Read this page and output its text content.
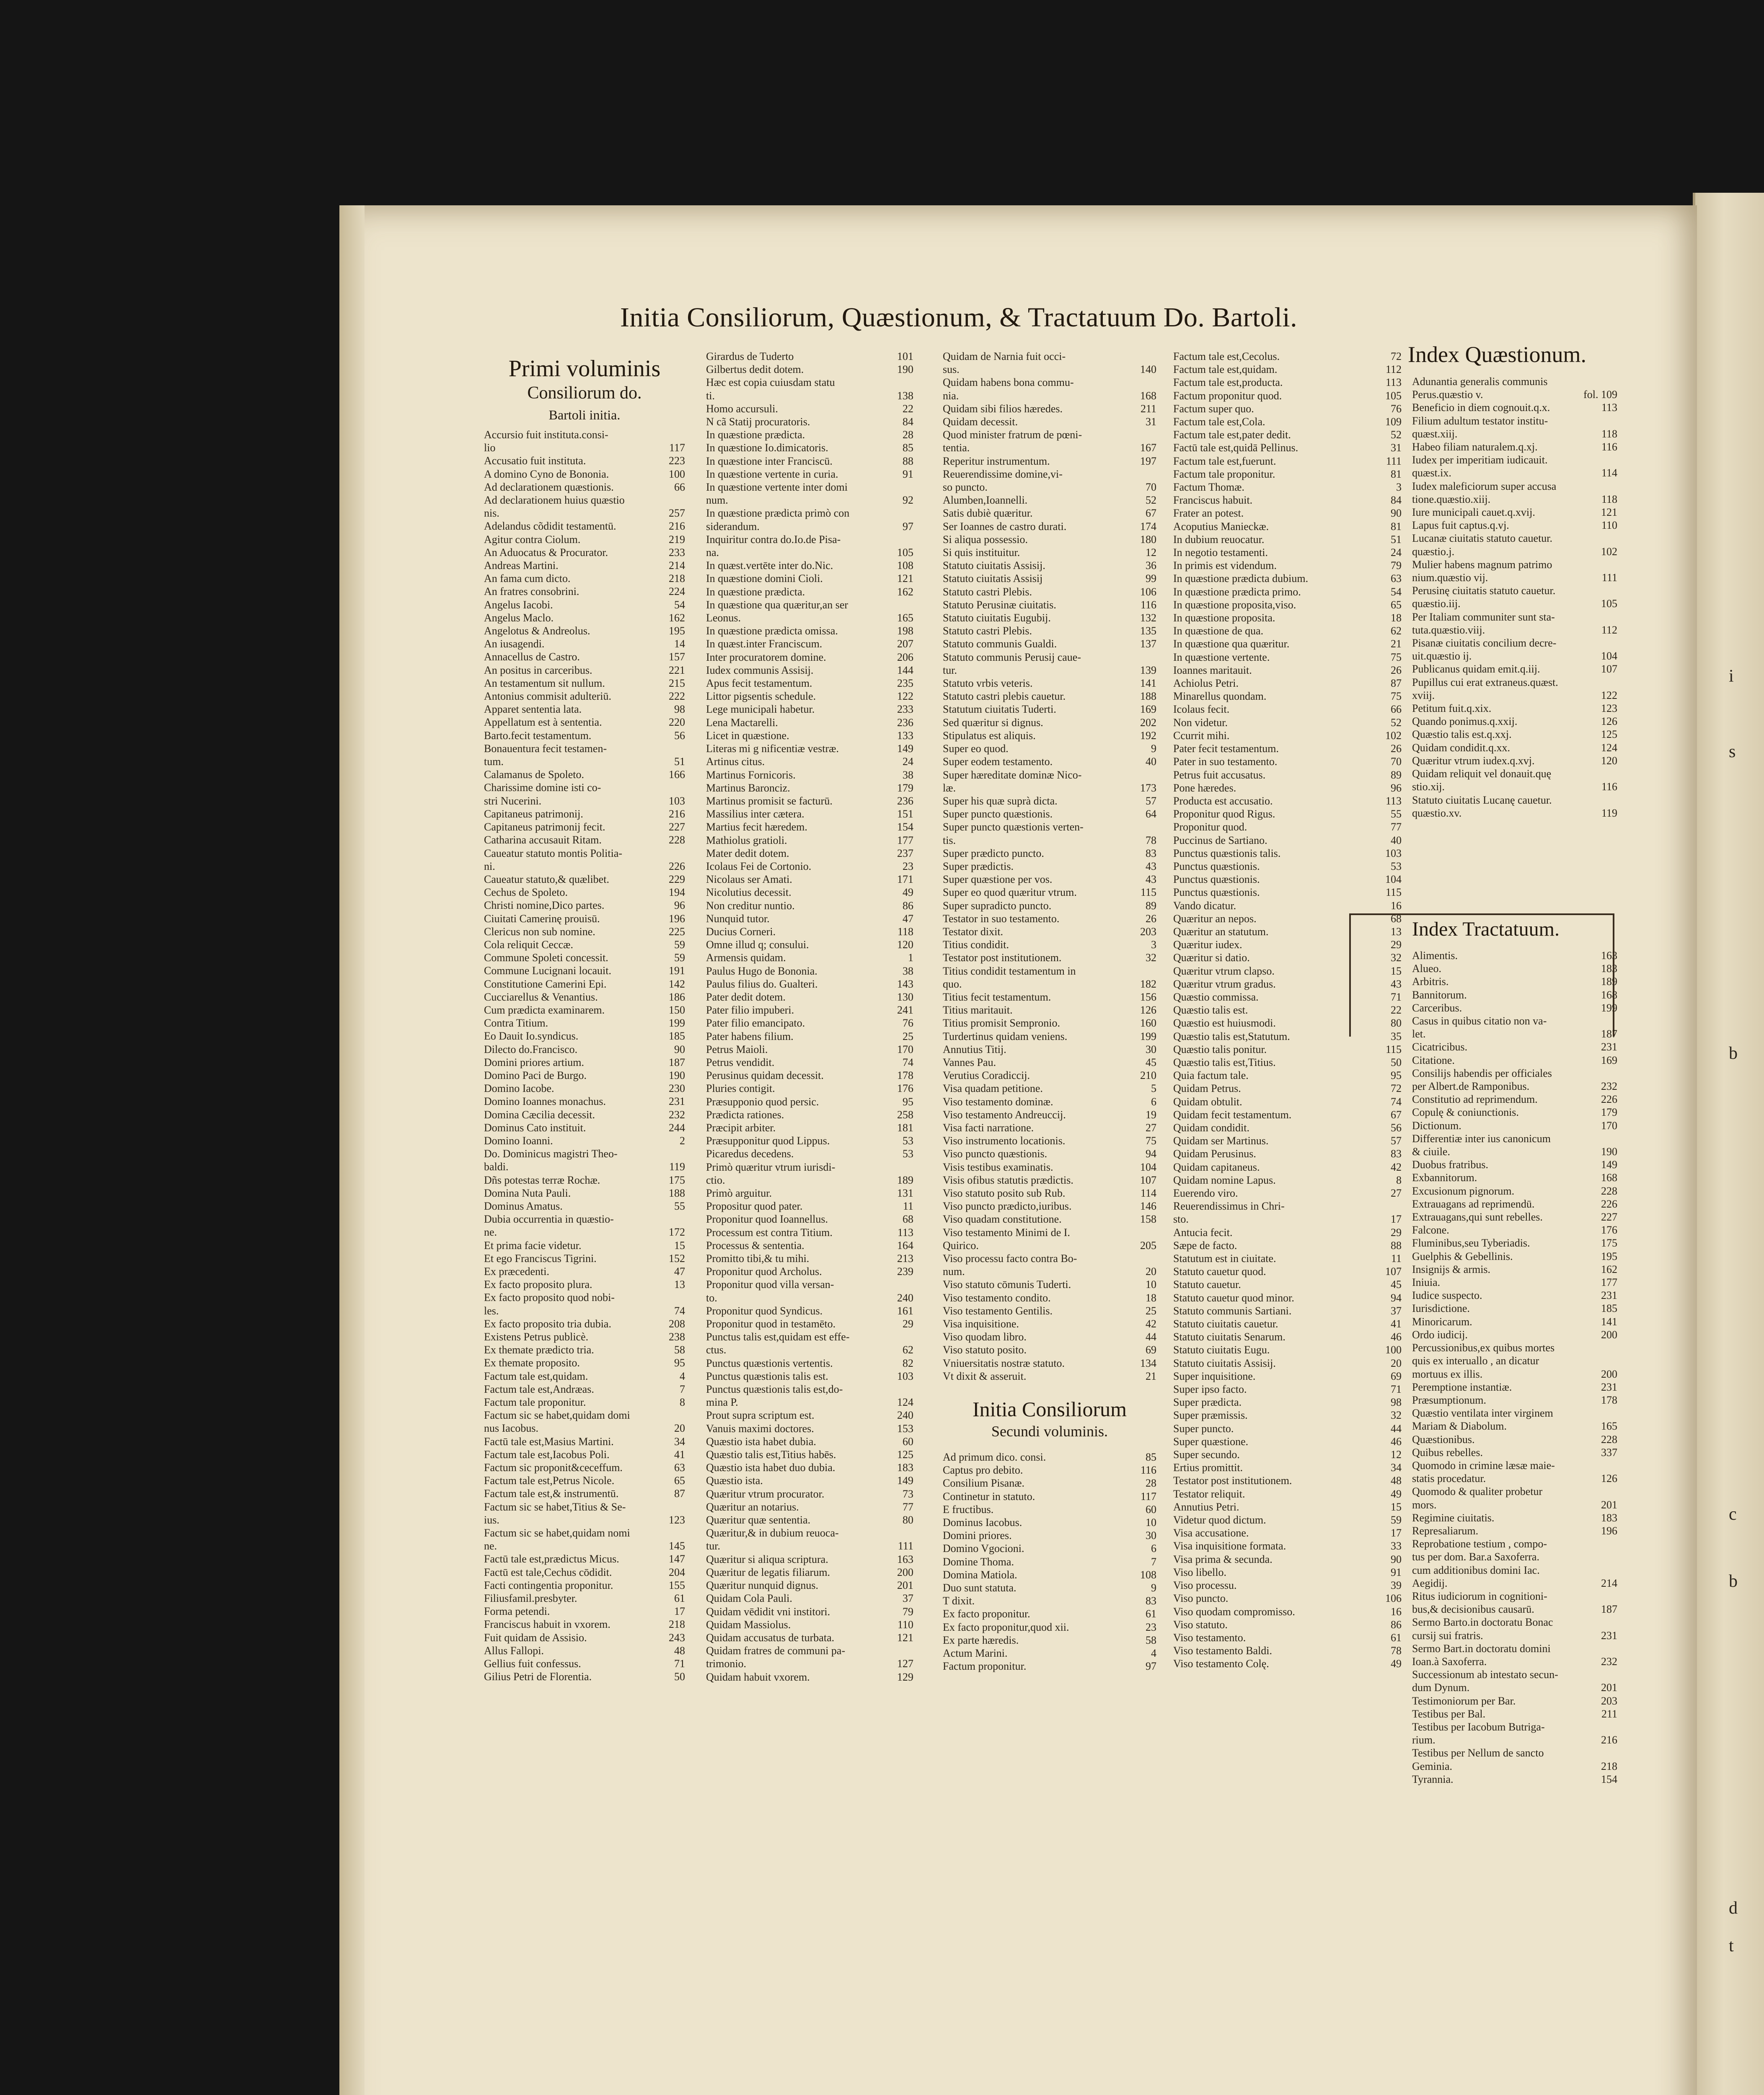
i
s
b
c
b
d
t
Initia Consiliorum, Quæstionum, & Tractatuum Do. Bartoli.
Primi voluminis
Consiliorum do.
Bartoli initia.
Accursio fuit instituta.consi-
lio	117
Accusatio fuit instituta.	223
A domino Cyno de Bononia.	100
Ad declarationem quæstionis.	66
Ad declarationem huius quæstio
nis.	257
Adelandus cõdidit testamentū.	216
Agitur contra Ciolum.	219
An Aduocatus & Procurator.	233
Andreas Martini.	214
An fama cum dicto.	218
An fratres consobrini.	224
Angelus Iacobi.	54
Angelus Maclo.	162
Angelotus & Andreolus.	195
An iusagendi.	14
Annacellus de Castro.	157
An positus in carceribus.	221
An testamentum sit nullum.	215
Antonius commisit adulteriū.	222
Apparet sententia lata.	98
Appellatum est à sententia.	220
Barto.fecit testamentum.	56
Bonauentura fecit testamen-
tum.	51
Calamanus de Spoleto.	166
Charissime domine isti co-
stri Nucerini.	103
Capitaneus patrimonij.	216
Capitaneus patrimonij fecit.	227
Catharina accusauit Ritam.	228
Caueatur statuto montis Politia-
ni.	226
Caueatur statuto,& quælibet.	229
Cechus de Spoleto.	194
Christi nomine,Dico partes.	96
Ciuitati Camerinę prouisū.	196
Clericus non sub nomine.	225
Cola reliquit Ceccæ.	59
Commune Spoleti concessit.	59
Commune Lucignani locauit.	191
Constitutione Camerini Epi.	142
Cucciarellus & Venantius.	186
Cum prædicta examinarem.	150
Contra Titium.	199
Eo Dauit Io.syndicus.	185
Dilecto do.Francisco.	90
Domini priores artium.	187
Domino Paci de Burgo.	190
Domino Iacobe.	230
Domino Ioannes monachus.	231
Domina Cæcilia decessit.	232
Dominus Cato instituit.	244
Domino Ioanni.	2
Do. Dominicus magistri Theo-
baldi.	119
Dñs potestas terræ Rochæ.	175
Domina Nuta Pauli.	188
Dominus Amatus.	55
Dubia occurrentia in quæstio-
ne.	172
Et prima facie videtur.	15
Et ego Franciscus Tigrini.	152
Ex præcedenti.	47
Ex facto proposito plura.	13
Ex facto proposito quod nobi-
les.	74
Ex facto proposito tria dubia.	208
Existens Petrus publicè.	238
Ex themate prædicto tria.	58
Ex themate proposito.	95
Factum tale est,quidam.	4
Factum tale est,Andræas.	7
Factum tale proponitur.	8
Factum sic se habet,quidam domi
nus Iacobus.	20
Factū tale est,Masius Martini.	34
Factum tale est,Iacobus Poli.	41
Factum sic proponit&ceceffum.	63
Factum tale est,Petrus Nicole.	65
Factum tale est,& instrumentū.	87
Factum sic se habet,Titius & Se-
ius.	123
Factum sic se habet,quidam nomi
ne.	145
Factū tale est,prædictus Micus.	147
Factū est tale,Cechus cōdidit.	204
Facti contingentia proponitur.	155
Filiusfamil.presbyter.	61
Forma petendi.	17
Franciscus habuit in vxorem.	218
Fuit quidam de Assisio.	243
Allus Fallopi.	48
Gellius fuit confessus.	71
Gilius Petri de Florentia.	50
Girardus de Tuderto	101
Gilbertus dedit dotem.	190
Hæc est copia cuiusdam statu
ti.	138
Homo accursuli.	22
N cã Statij procuratoris.	84
In quæstione prædicta.	28
In quæstione Io.dimicatoris.	85
In quæstione inter Franciscū.	88
In quæstione vertente in curia.	91
In quæstione vertente inter domi
num.	92
In quæstione prædicta primò con
siderandum.	97
Inquiritur contra do.Io.de Pisa-
na.	105
In quæst.vertēte inter do.Nic.	108
In quæstione domini Cioli.	121
In quæstione prædicta.	162
In quæstione qua quæritur,an ser
Leonus.	165
In quæstione prædicta omissa.	198
In quæst.inter Franciscum.	207
Inter procuratorem domine.	206
Iudex communis Assisij.	144
Apus fecit testamentum.	235
Littor pigsentis schedule.	122
Lege municipali habetur.	233
Lena Mactarelli.	236
Licet in quæstione.	133
Literas mi g nificentiæ vestræ.	149
Artinus citus.	24
Martinus Fornicoris.	38
Martinus Baronciz.	179
Martinus promisit se facturū.	236
Massilius inter cætera.	151
Martius fecit hæredem.	154
Mathiolus gratioli.	177
Mater dedit dotem.	237
Icolaus Fei de Cortonio.	23
Nicolaus ser Amati.	171
Nicolutius decessit.	49
Non creditur nuntio.	86
Nunquid tutor.	47
Ducius Corneri.	118
Omne illud q; consului.	120
Armensis quidam.	1
Paulus Hugo de Bononia.	38
Paulus filius do. Gualteri.	143
Pater dedit dotem.	130
Pater filio impuberi.	241
Pater filio emancipato.	76
Pater habens filium.	25
Petrus Maioli.	170
Petrus vendidit.	74
Perusinus quidam decessit.	178
Pluries contigit.	176
Præsupponio quod persic.	95
Prædicta rationes.	258
Præcipit arbiter.	181
Præsupponitur quod Lippus.	53
Picaredus decedens.	53
Primò quæritur vtrum iurisdi-
ctio.	189
Primò arguitur.	131
Propositur quod pater.	11
Proponitur quod Ioannellus.	68
Processum est contra Titium.	113
Processus & sententia.	164
Promitto tibi,& tu mihi.	213
Proponitur quod Archolus.	239
Proponitur quod villa versan-
to.	240
Proponitur quod Syndicus.	161
Proponitur quod in testamēto.	29
Punctus talis est,quidam est effe-
ctus.	62
Punctus quæstionis vertentis.	82
Punctus quæstionis talis est.	103
Punctus quæstionis talis est,do-
mina P.	124
Prout supra scriptum est.	240
Vanuis maximi doctores.	153
Quæstio ista habet dubia.	60
Quæstio talis est,Titius habēs.	125
Quæstio ista habet duo dubia.	183
Quæstio ista.	149
Quæritur vtrum procurator.	73
Quæritur an notarius.	77
Quæritur quæ sententia.	80
Quæritur,& in dubium reuoca-
tur.	111
Quæritur si aliqua scriptura.	163
Quæritur de legatis filiarum.	200
Quæritur nunquid dignus.	201
Quidam Cola Pauli.	37
Quidam vēdidit vni institori.	79
Quidam Massiolus.	110
Quidam accusatus de turbata.	121
Quidam fratres de communi pa-
trimonio.	127
Quidam habuit vxorem.	129
Quidam de Narnia fuit occi-
sus.	140
Quidam habens bona commu-
nia.	168
Quidam sibi filios hæredes.	211
Quidam decessit.	31
Quod minister fratrum de pœni-
tentia.	167
Reperitur instrumentum.	197
Reuerendissime domine,vi-
so puncto.	70
Alumben,Ioannelli.	52
Satis dubiè quæritur.	67
Ser Ioannes de castro durati.	174
Si aliqua possessio.	180
Si quis instituitur.	12
Statuto ciuitatis Assisij.	36
Statuto ciuitatis Assisij	99
Statuto castri Plebis.	106
Statuto Perusinæ ciuitatis.	116
Statuto ciuitatis Eugubij.	132
Statuto castri Plebis.	135
Statuto communis Gualdi.	137
Statuto communis Perusij caue-
tur.	139
Statuto vrbis veteris.	141
Statuto castri plebis cauetur.	188
Statutum ciuitatis Tuderti.	169
Sed quæritur si dignus.	202
Stipulatus est aliquis.	192
Super eo quod.	9
Super eodem testamento.	40
Super hæreditate dominæ Nico-
læ.	173
Super his quæ suprà dicta.	57
Super puncto quæstionis.	64
Super puncto quæstionis verten-
tis.	78
Super prædicto puncto.	83
Super prædictis.	43
Super quæstione per vos.	43
Super eo quod quæritur vtrum.	115
Super supradicto puncto.	89
Testator in suo testamento.	26
Testator dixit.	203
Titius condidit.	3
Testator post institutionem.	32
Titius condidit testamentum in
quo.	182
Titius fecit testamentum.	156
Titius maritauit.	126
Titius promisit Sempronio.	160
Turdertinus quidam veniens.	199
Annutius Titij.	30
Vannes Pau.	45
Verutius Coradiccij.	210
Visa quadam petitione.	5
Viso testamento dominæ.	6
Viso testamento Andreuccij.	19
Visa facti narratione.	27
Viso instrumento locationis.	75
Viso puncto quæstionis.	94
Visis testibus examinatis.	104
Visis ofibus statutis prædictis.	107
Viso statuto posito sub Rub.	114
Viso puncto prædicto,iuribus.	146
Viso quadam constitutione.	158
Viso testamento Minimi de I.
Quirico.	205
Viso processu facto contra Bo-
num.	20
Viso statuto cōmunis Tuderti.	10
Viso testamento condito.	18
Viso testamento Gentilis.	25
Visa inquisitione.	42
Viso quodam libro.	44
Viso statuto posito.	69
Vniuersitatis nostræ statuto.	134
Vt dixit & asseruit.	21
Initia Consiliorum
Secundi voluminis.
Ad primum dico. consi.	85
Captus pro debito.	116
Consilium Pisanæ.	28
Continetur in statuto.	117
E fructibus.	60
Dominus Iacobus.	10
Domini priores.	30
Domino Vgocioni.	6
Domine Thoma.	7
Domina Matiola.	108
Duo sunt statuta.	9
T dixit.	83
Ex facto proponitur.	61
Ex facto proponitur,quod xii.	23
Ex parte hæredis.	58
Actum Marini.	4
Factum proponitur.	97
Factum tale est,Cecolus.	72
Factum tale est,quidam.	112
Factum tale est,producta.	113
Factum proponitur quod.	105
Factum super quo.	76
Factum tale est,Cola.	109
Factum tale est,pater dedit.	52
Factū tale est,quidā Pellinus.	31
Factum tale est,fuerunt.	111
Factum tale proponitur.	81
Factum Thomæ.	3
Franciscus habuit.	84
Frater an potest.	90
Acoputius Manieckæ.	81
In dubium reuocatur.	51
In negotio testamenti.	24
In primis est videndum.	79
In quæstione prædicta dubium.	63
In quæstione prædicta primo.	54
In quæstione proposita,viso.	65
In quæstione proposita.	18
In quæstione de qua.	62
In quæstione qua quæritur.	21
In quæstione vertente.	75
Ioannes maritauit.	26
Achiolus Petri.	87
Minarellus quondam.	75
Icolaus fecit.	66
Non videtur.	52
Ccurrit mihi.	102
Pater fecit testamentum.	26
Pater in suo testamento.	70
Petrus fuit accusatus.	89
Pone hæredes.	96
Producta est accusatio.	113
Proponitur quod Rigus.	55
Proponitur quod.	77
Puccinus de Sartiano.	40
Punctus quæstionis talis.	103
Punctus quæstionis.	53
Punctus quæstionis.	104
Punctus quæstionis.	115
Vando dicatur.	16
Quæritur an nepos.	68
Quæritur an statutum.	13
Quæritur iudex.	29
Quæritur si datio.	32
Quæritur vtrum clapso.	15
Quæritur vtrum gradus.	43
Quæstio commissa.	71
Quæstio talis est.	22
Quæstio est huiusmodi.	80
Quæstio talis est,Statutum.	35
Quæstio talis ponitur.	115
Quæstio talis est,Titius.	50
Quia factum tale.	95
Quidam Petrus.	72
Quidam obtulit.	74
Quidam fecit testamentum.	67
Quidam condidit.	56
Quidam ser Martinus.	57
Quidam Perusinus.	83
Quidam capitaneus.	42
Quidam nomine Lapus.	8
Euerendo viro.	27
Reuerendissimus in Chri-
sto.	17
Antucia fecit.	29
Sæpe de facto.	88
Statutum est in ciuitate.	11
Statuto cauetur quod.	107
Statuto cauetur.	45
Statuto cauetur quod minor.	94
Statuto communis Sartiani.	37
Statuto ciuitatis cauetur.	41
Statuto ciuitatis Senarum.	46
Statuto ciuitatis Eugu.	100
Statuto ciuitatis Assisij.	20
Super inquisitione.	69
Super ipso facto.	71
Super prædicta.	98
Super præmissis.	32
Super puncto.	44
Super quæstione.	46
Super secundo.	12
Ertius promittit.	34
Testator post institutionem.	48
Testator reliquit.	49
Annutius Petri.	15
Videtur quod dictum.	59
Visa accusatione.	17
Visa inquisitione formata.	33
Visa prima & secunda.	90
Viso libello.	91
Viso processu.	39
Viso puncto.	106
Viso quodam compromisso.	16
Viso statuto.	86
Viso testamento.	61
Viso testamento Baldi.	78
Viso testamento Colę.	49
Index Quæstionum.
Adunantia generalis communis
Perus.quæstio v.	fol. 109
Beneficio in diem cognouit.q.x.	113
Filium adultum testator institu-
quæst.xiij.	118
Habeo filiam naturalem.q.xj.	116
Iudex per imperitiam iudicauit.
quæst.ix.	114
Iudex maleficiorum super accusa
tione.quæstio.xiij.	118
Iure municipali cauet.q.xvij.	121
Lapus fuit captus.q.vj.	110
Lucanæ ciuitatis statuto cauetur.
quæstio.j.	102
Mulier habens magnum patrimo
nium.quæstio vij.	111
Perusinę ciuitatis statuto cauetur.
quæstio.iij.	105
Per Italiam communiter sunt sta-
tuta.quæstio.viij.	112
Pisanæ ciuitatis concilium decre-
uit.quæstio ij.	104
Publicanus quidam emit.q.iij.	107
Pupillus cui erat extraneus.quæst.
xviij.	122
Petitum fuit.q.xix.	123
Quando ponimus.q.xxij.	126
Quæstio talis est.q.xxj.	125
Quidam condidit.q.xx.	124
Quæritur vtrum iudex.q.xvj.	120
Quidam reliquit vel donauit.quę
stio.xij.	116
Statuto ciuitatis Lucanę cauetur.
quæstio.xv.	119
Index Tractatuum.
Alimentis.	163
Alueo.	183
Arbitris.	189
Bannitorum.	168
Carceribus.	199
Casus in quibus citatio non va-
let.	187
Cicatricibus.	231
Citatione.	169
Consilijs habendis per officiales
per Albert.de Ramponibus.	232
Constitutio ad reprimendum.	226
Copulę & coniunctionis.	179
Dictionum.	170
Differentiæ inter ius canonicum
& ciuile.	190
Duobus fratribus.	149
Exbannitorum.	168
Excusionum pignorum.	228
Extrauagans ad reprimendū.	226
Extrauagans,qui sunt rebelles.	227
Falcone.	176
Fluminibus,seu Tyberiadis.	175
Guelphis & Gebellinis.	195
Insignijs & armis.	162
Iniuia.	177
Iudice suspecto.	231
Iurisdictione.	185
Minoricarum.	141
Ordo iudicij.	200
Percussionibus,ex quibus mortes
quis ex interuallo , an dicatur
mortuus ex illis.	200
Peremptione instantiæ.	231
Præsumptionum.	178
Quæstio ventilata inter virginem
Mariam & Diabolum.	165
Quæstionibus.	228
Quibus rebelles.	337
Quomodo in crimine læsæ maie-
statis procedatur.	126
Quomodo & qualiter probetur
mors.	201
Regimine ciuitatis.	183
Represaliarum.	196
Reprobatione testium , compo-
tus per dom. Bar.a Saxoferra.
cum additionibus domini Iac.
Aegidij.	214
Ritus iudiciorum in cognitioni-
bus,& decisionibus causarū.	187
Sermo Barto.in doctoratu Bonac
cursij sui fratris.	231
Sermo Bart.in doctoratu domini
Ioan.à Saxoferra.	232
Successionum ab intestato secun-
dum Dynum.	201
Testimoniorum per Bar.	203
Testibus per Bal.	211
Testibus per Iacobum Butriga-
rium.	216
Testibus per Nellum de sancto
Geminia.	218
Tyrannia.	154
